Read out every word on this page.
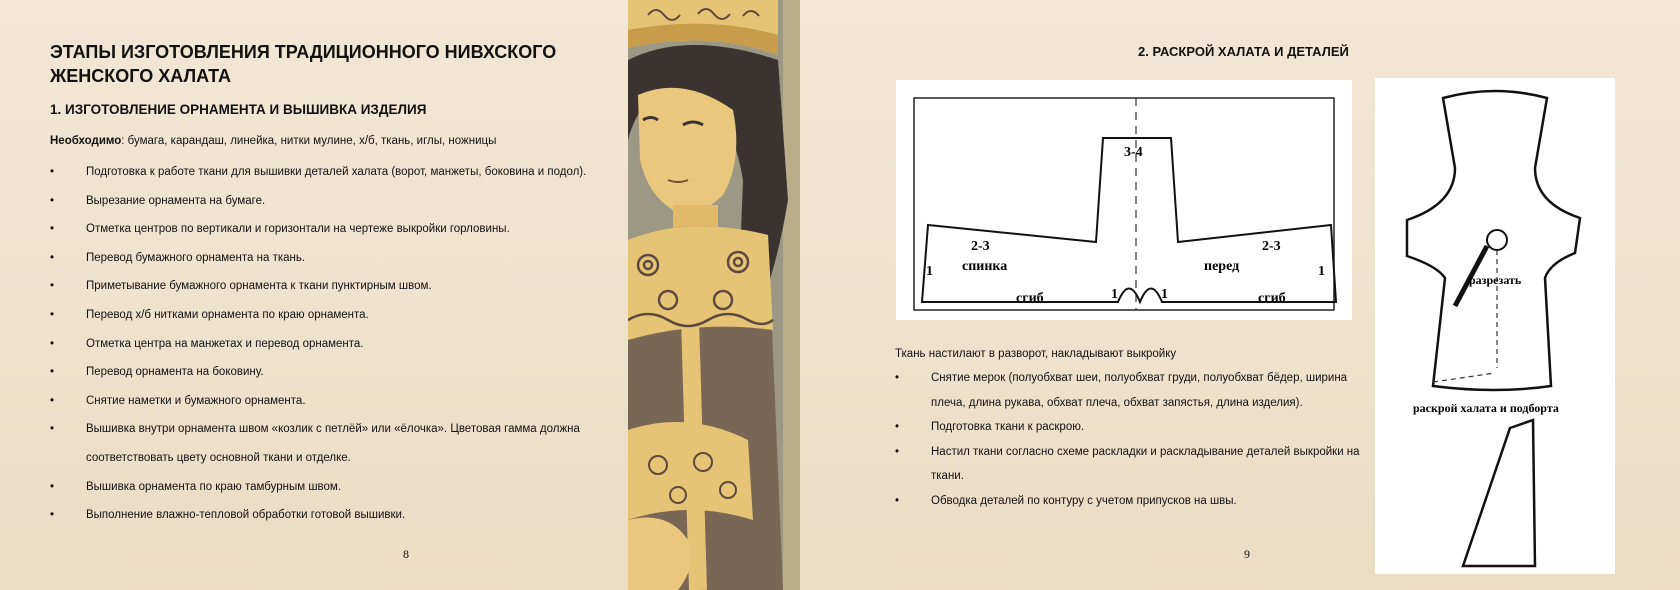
ЭТАПЫ ИЗГОТОВЛЕНИЯ ТРАДИЦИОННОГО НИВХСКОГО ЖЕНСКОГО ХАЛАТА
1. ИЗГОТОВЛЕНИЕ ОРНАМЕНТА И ВЫШИВКА ИЗДЕЛИЯ
Необходимо: бумага, карандаш, линейка, нитки мулине, х/б, ткань, иглы, ножницы
• Подготовка к работе ткани для вышивки деталей халата (ворот, манжеты, боковина и подол).
• Вырезание орнамента на бумаге.
• Отметка центров по вертикали и горизонтали на чертеже выкройки горловины.
• Перевод бумажного орнамента на ткань.
• Приметывание бумажного орнамента к ткани пунктирным швом.
• Перевод х/б нитками орнамента по краю орнамента.
• Отметка центра на манжетах и перевод орнамента.
• Перевод орнамента на боковину.
• Снятие наметки и бумажного орнамента.
• Вышивка внутри орнамента швом «козлик с петлёй» или «ёлочка». Цветовая гамма должна соответствовать цвету основной ткани и отделке.
• Вышивка орнамента по краю тамбурным швом.
• Выполнение влажно-тепловой обработки готовой вышивки.
8
2. РАСКРОЙ ХАЛАТА И ДЕТАЛЕЙ
3-4
2-3	2-3
спинка	перед
сгиб	сгиб
1	1
1	1
Ткань настилают в разворот, накладывают выкройку
• Снятие мерок (полуобхват шеи, полуобхват груди, полуобхват бёдер, ширина плеча, длина рукава, обхват плеча, обхват запястья, длина изделия).
• Подготовка ткани к раскрою.
• Настил ткани согласно схеме раскладки и раскладывание деталей выкройки на ткани.
• Обводка деталей по контуру с учетом припусков на швы.
9
разрезать
раскрой халата и подборта
